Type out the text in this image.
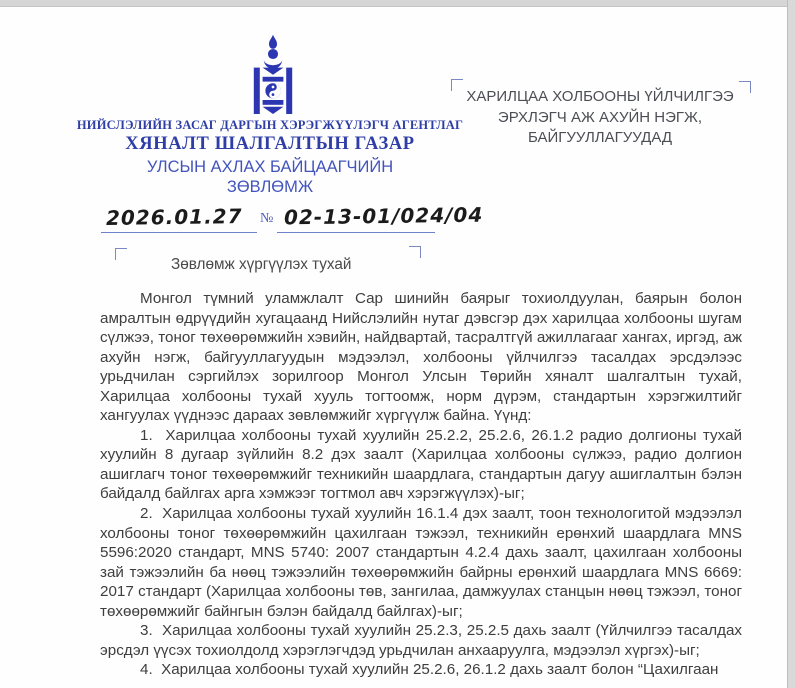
НИЙСЛЭЛИЙН ЗАСАГ ДАРГЫН ХЭРЭГЖҮҮЛЭГЧ АГЕНТЛАГ
ХЯНАЛТ ШАЛГАЛТЫН ГАЗАР
УЛСЫН АХЛАХ БАЙЦААГЧИЙН
ЗӨВЛӨМЖ
2026.01.27 № 02-13-01/024/04
ХАРИЛЦАА ХОЛБООНЫ ҮЙЛЧИЛГЭЭ
ЭРХЛЭГЧ АЖ АХУЙН НЭГЖ,
БАЙГУУЛЛАГУУДАД
Зөвлөмж хүргүүлэх тухай

Монгол түмний уламжлалт Сар шинийн баярыг тохиолдуулан, баярын болон амралтын өдрүүдийн хугацаанд Нийслэлийн нутаг дэвсгэр дэх харилцаа холбооны шугам сүлжээ, тоног төхөөрөмжийн хэвийн, найдвартай, тасралтгүй ажиллагааг хангах, иргэд, аж ахуйн нэгж, байгууллагуудын мэдээлэл, холбооны үйлчилгээ тасалдах эрсдэлээс урьдчилан сэргийлэх зорилгоор Монгол Улсын Төрийн хяналт шалгалтын тухай, Харилцаа холбооны тухай хууль тогтоомж, норм дүрэм, стандартын хэрэгжилтийг хангуулах үүднээс дараах зөвлөмжийг хүргүүлж байна. Үүнд:

1.  Харилцаа холбооны тухай хуулийн 25.2.2, 25.2.6, 26.1.2 радио долгионы тухай хуулийн 8 дугаар зүйлийн 8.2 дэх заалт (Харилцаа холбооны сүлжээ, радио долгион ашиглагч тоног төхөөрөмжийг техникийн шаардлага, стандартын дагуу ашиглалтын бэлэн байдалд байлгах арга хэмжээг тогтмол авч хэрэгжүүлэх)-ыг;

2.  Харилцаа холбооны тухай хуулийн 16.1.4 дэх заалт, тоон технологитой мэдээлэл холбооны тоног төхөөрөмжийн цахилгаан тэжээл, техникийн ерөнхий шаардлага MNS 5596:2020 стандарт, MNS 5740: 2007 стандартын 4.2.4 дахь заалт, цахилгаан холбооны зай тэжээлийн ба нөөц тэжээлийн төхөөрөмжийн байрны ерөнхий шаардлага MNS 6669: 2017 стандарт (Харилцаа холбооны төв, зангилаа, дамжуулах станцын нөөц тэжээл, тоног төхөөрөмжийг байнгын бэлэн байдалд байлгах)-ыг;

3.  Харилцаа холбооны тухай хуулийн 25.2.3, 25.2.5 дахь заалт (Үйлчилгээ тасалдах эрсдэл үүсэх тохиолдолд хэрэглэгчдэд урьдчилан анхааруулга, мэдээлэл хүргэх)-ыг;

4.  Харилцаа холбооны тухай хуулийн 25.2.6, 26.1.2 дахь заалт болон “Цахилгаан
